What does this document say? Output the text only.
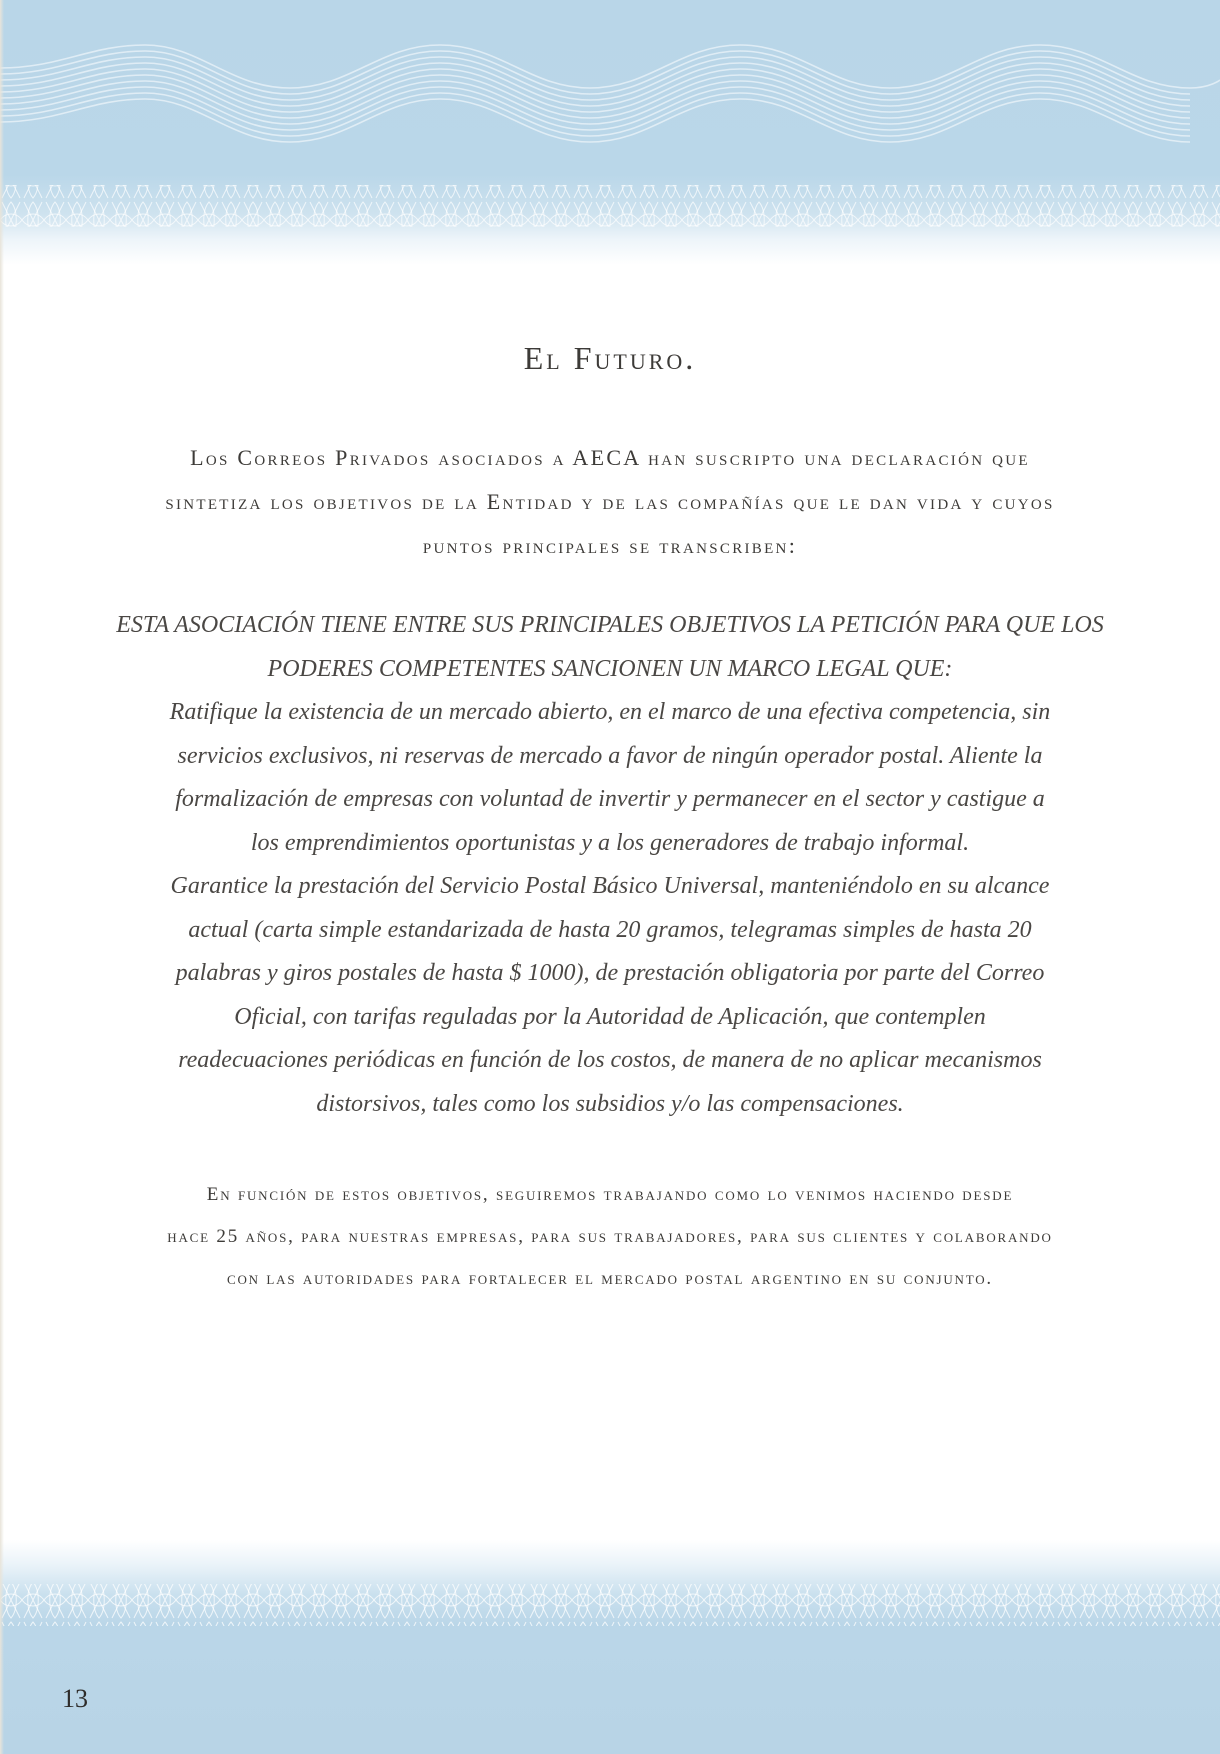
El Futuro.
Los Correos Privados asociados a AECA han suscripto una declaración que
sintetiza los objetivos de la Entidad y de las compañías que le dan vida y cuyos
puntos principales se transcriben:
ESTA ASOCIACIÓN TIENE ENTRE SUS PRINCIPALES OBJETIVOS LA PETICIÓN PARA QUE LOS
PODERES COMPETENTES SANCIONEN UN MARCO LEGAL QUE:
Ratifique la existencia de un mercado abierto, en el marco de una efectiva competencia, sin
servicios exclusivos, ni reservas de mercado a favor de ningún operador postal. Aliente la
formalización de empresas con voluntad de invertir y permanecer en el sector y castigue a
los emprendimientos oportunistas y a los generadores de trabajo informal.
Garantice la prestación del Servicio Postal Básico Universal, manteniéndolo en su alcance
actual (carta simple estandarizada de hasta 20 gramos, telegramas simples de hasta 20
palabras y giros postales de hasta $ 1000), de prestación obligatoria por parte del Correo
Oficial, con tarifas reguladas por la Autoridad de Aplicación, que contemplen
readecuaciones periódicas en función de los costos, de manera de no aplicar mecanismos
distorsivos, tales como los subsidios y/o las compensaciones.
En función de estos objetivos, seguiremos trabajando como lo venimos haciendo desde
hace 25 años, para nuestras empresas, para sus trabajadores, para sus clientes y colaborando
con las autoridades para fortalecer el mercado postal argentino en su conjunto.
13
